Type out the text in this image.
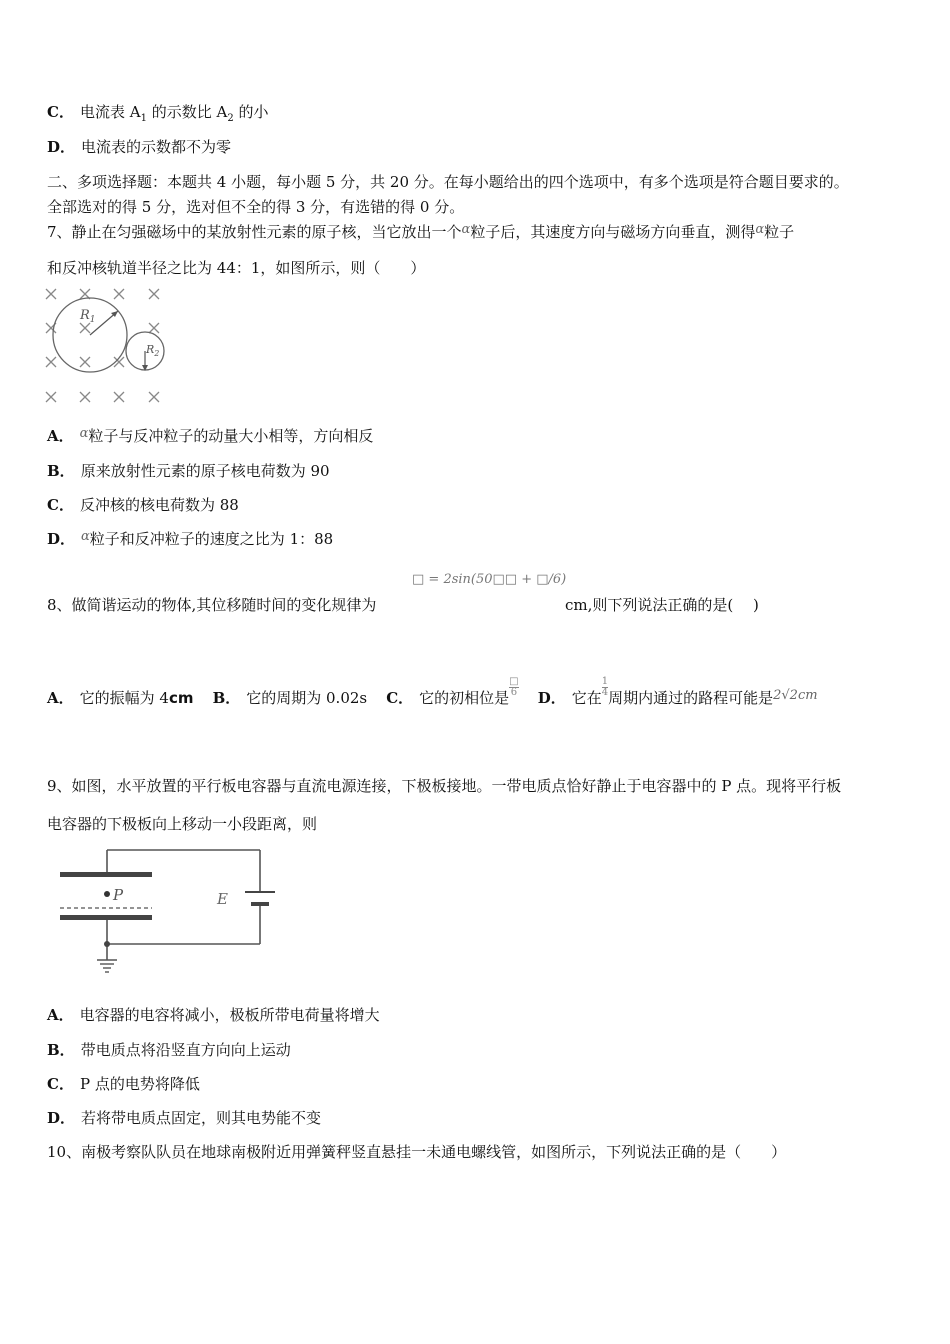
C． 电流表 $A_1$ 的示数比 $A_2$ 的小
D． 电流表的示数都不为零
二、多项选择题：本题共 4 小题，每小题 5 分，共 20 分。在每小题给出的四个选项中，有多个选项是符合题目要求的。
全部选对的得 5 分，选对但不全的得 3 分，有选错的得 0 分。
7、静止在匀强磁场中的某放射性元素的原子核，当它放出一个α粒子后，其速度方向与磁场方向垂直，测得α粒子
和反冲核轨道半径之比为 44：1，如图所示，则（　　）
$R_1$
$R_2$
A． α粒子与反冲粒子的动量大小相等，方向相反
B． 原来放射性元素的原子核电荷数为 90
C． 反冲核的核电荷数为 88
D． α粒子和反冲粒子的速度之比为 1：88
□ = 2sin(50□□ + □/6)
8、做简谐运动的物体,其位移随时间的变化规律为	cm,则下列说法正确的是(　 )
A． 它的振幅为 4cm B． 它的周期为 0.02s C． 它的初相位是
$\frac{□}{6}$
D． 它在
$\frac{1}{4}$
周期内通过的路程可能是2√2cm
9、如图，水平放置的平行板电容器与直流电源连接，下极板接地。一带电质点恰好静止于电容器中的 P 点。现将平行板
电容器的下极板向上移动一小段距离，则
P	E
A． 电容器的电容将减小，极板所带电荷量将增大
B． 带电质点将沿竖直方向向上运动
C． P 点的电势将降低
D． 若将带电质点固定，则其电势能不变
10、南极考察队队员在地球南极附近用弹簧秤竖直悬挂一未通电螺线管，如图所示，下列说法正确的是（　　）
